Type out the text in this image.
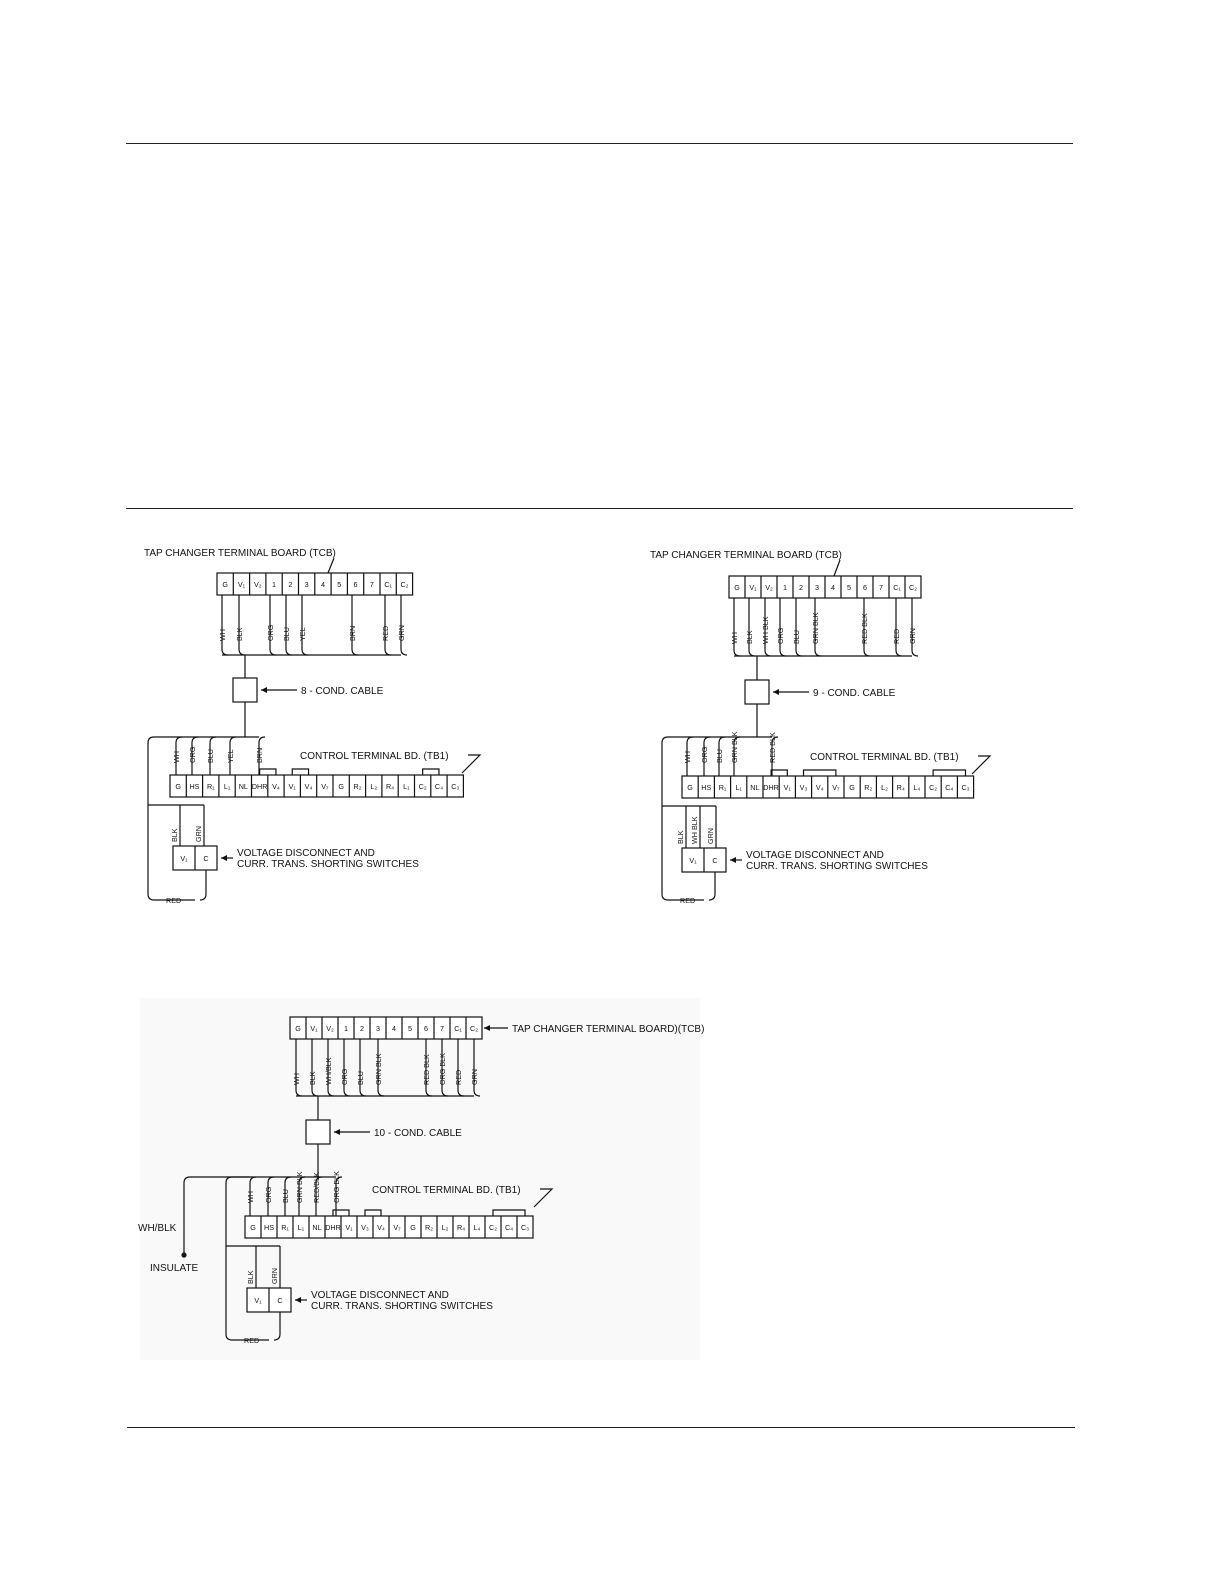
TAP CHANGER TERMINAL BOARD (TCB)
G V₁ V₂ 1 2 3 4 5 6 7 C₁ C₂
WH BLK	ORG BLU YEL	BRN	RED GRN
8 - COND. CABLE
G HS R₁ L₁ NL DHR V₄ V₁ V₄ V₇ G R₂ L₂ R₄ L₁ C₂ C₄ C₃
CONTROL TERMINAL BD. (TB1)
WH ORG BLU YEL	BRN
RED
V₁ C
BLK GRN
VOLTAGE DISCONNECT AND
CURR. TRANS. SHORTING SWITCHES
TAP CHANGER TERMINAL BOARD (TCB)
G V₁ V₂ 1 2 3 4 5 6 7 C₁ C₂
WH BLK WH BLK ORG BLU GRN BLK	RED BLK	RED GRN
9 - COND. CABLE
G HS R₁ L₁ NL DHR V₁ V₃ V₄ V₇ G R₂ L₂ R₄ L₄ C₂ C₄ C₃
CONTROL TERMINAL BD. (TB1)
WH ORG BLU GRN BLK	RED BLK
RED
V₁ C
BLK WH BLK GRN
VOLTAGE DISCONNECT AND
CURR. TRANS. SHORTING SWITCHES
TAP CHANGER TERMINAL BOARD)(TCB)
G V₁ V₂ 1 2 3 4 5 6 7 C₁ C₂
WH BLK WH/BLK ORG BLU GRN BLK	RED BLK ORG BLK RED GRN
10 - COND. CABLE
G HS R₁ L₁ NL DHR V₁ V₃ V₄ V₇ G R₂ L₂ R₄ L₄ C₂ C₄ C₃
CONTROL TERMINAL BD. (TB1)
WH ORG BLU GRN BLK RED/BLK ORG BLK
RED
V₁ C
BLK GRN
VOLTAGE DISCONNECT AND
CURR. TRANS. SHORTING SWITCHES
WH/BLK
INSULATE
